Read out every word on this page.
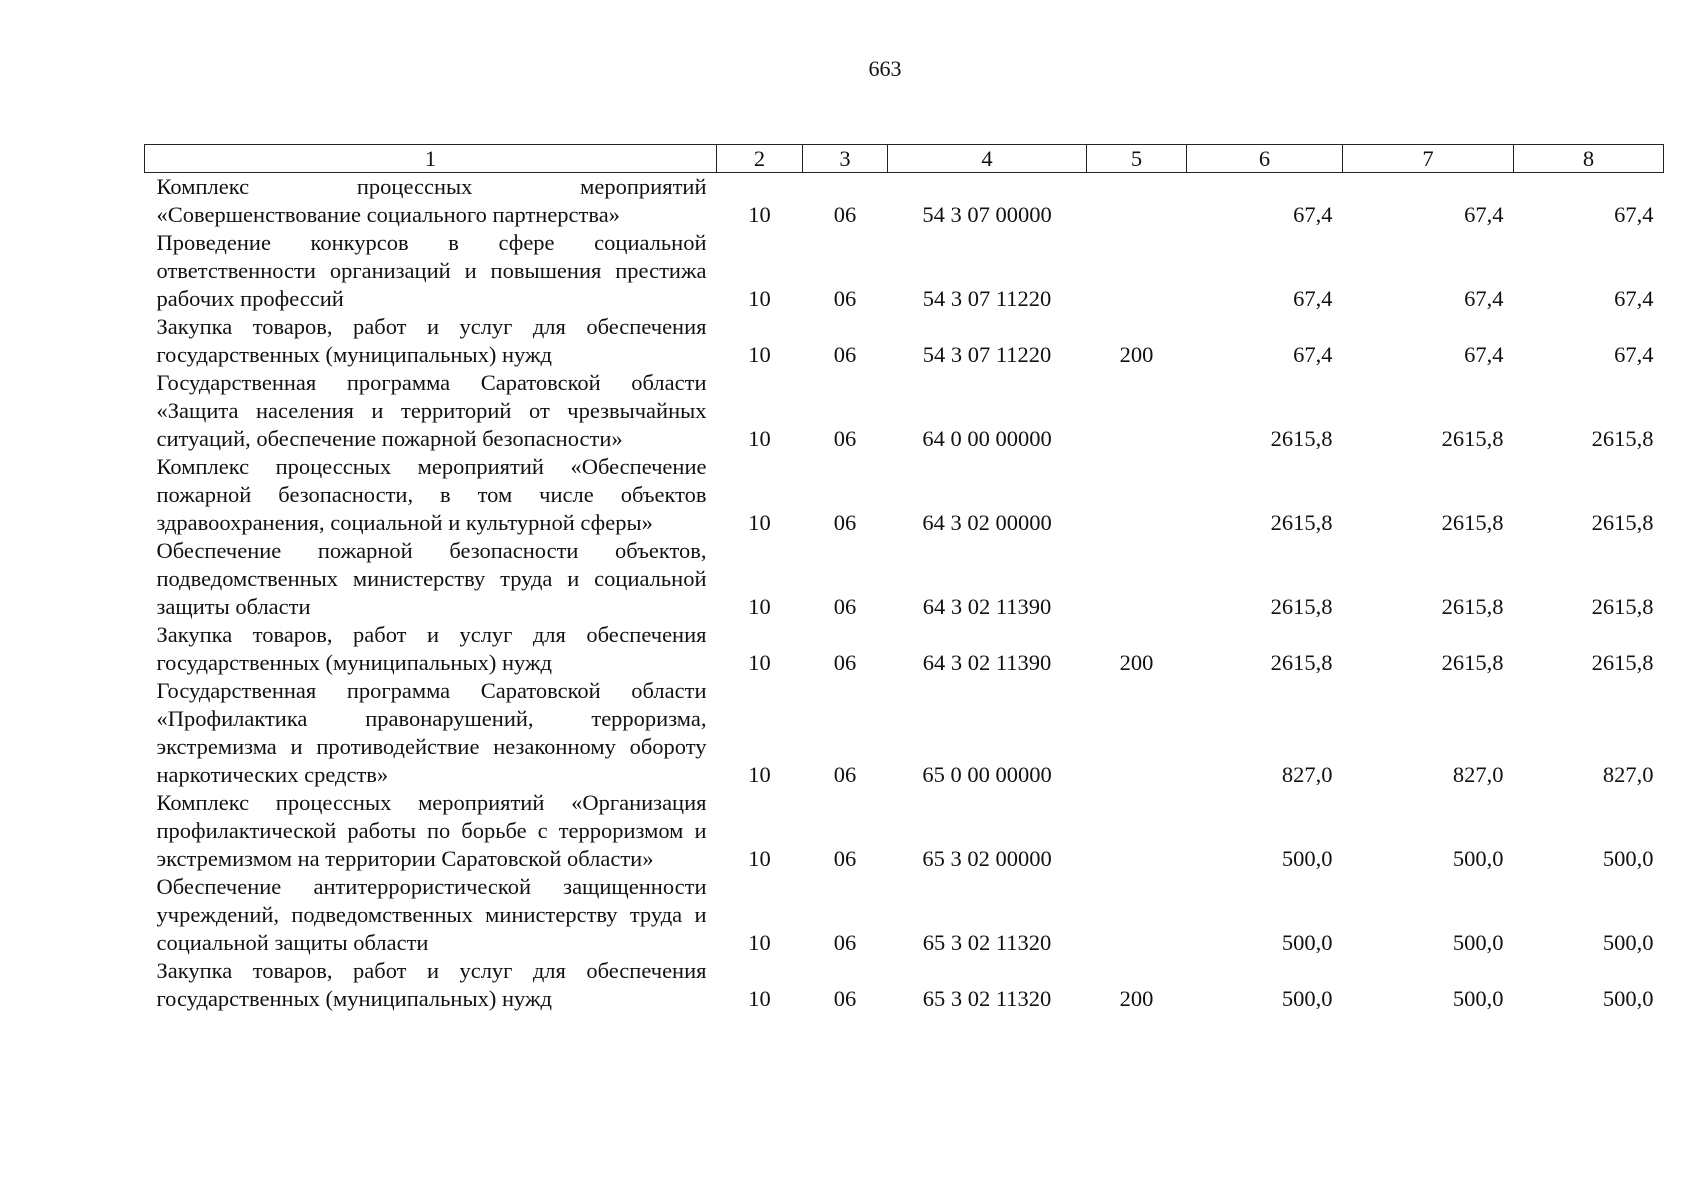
663
1	2	3	4	5	6	7	8
Комплекс процессных мероприятий «Совершенствование социального партнерства»	10	06	54 3 07 00000		67,4	67,4	67,4
Проведение конкурсов в сфере социальной ответственности организаций и повышения престижа рабочих профессий	10	06	54 3 07 11220		67,4	67,4	67,4
Закупка товаров, работ и услуг для обеспечения государственных (муниципальных) нужд	10	06	54 3 07 11220	200	67,4	67,4	67,4
Государственная программа Саратовской области «Защита населения и территорий от чрезвычайных ситуаций, обеспечение пожарной безопасности»	10	06	64 0 00 00000		2615,8	2615,8	2615,8
Комплекс процессных мероприятий «Обеспечение пожарной безопасности, в том числе объектов здравоохранения, социальной и культурной сферы»	10	06	64 3 02 00000		2615,8	2615,8	2615,8
Обеспечение пожарной безопасности объектов, подведомственных министерству труда и социальной защиты области	10	06	64 3 02 11390		2615,8	2615,8	2615,8
Закупка товаров, работ и услуг для обеспечения государственных (муниципальных) нужд	10	06	64 3 02 11390	200	2615,8	2615,8	2615,8
Государственная программа Саратовской области «Профилактика правонарушений, терроризма, экстремизма и противодействие незаконному обороту наркотических средств»	10	06	65 0 00 00000		827,0	827,0	827,0
Комплекс процессных мероприятий «Организация профилактической работы по борьбе с терроризмом и экстремизмом на территории Саратовской области»	10	06	65 3 02 00000		500,0	500,0	500,0
Обеспечение антитеррористической защищенности учреждений, подведомственных министерству труда и социальной защиты области	10	06	65 3 02 11320		500,0	500,0	500,0
Закупка товаров, работ и услуг для обеспечения государственных (муниципальных) нужд	10	06	65 3 02 11320	200	500,0	500,0	500,0
